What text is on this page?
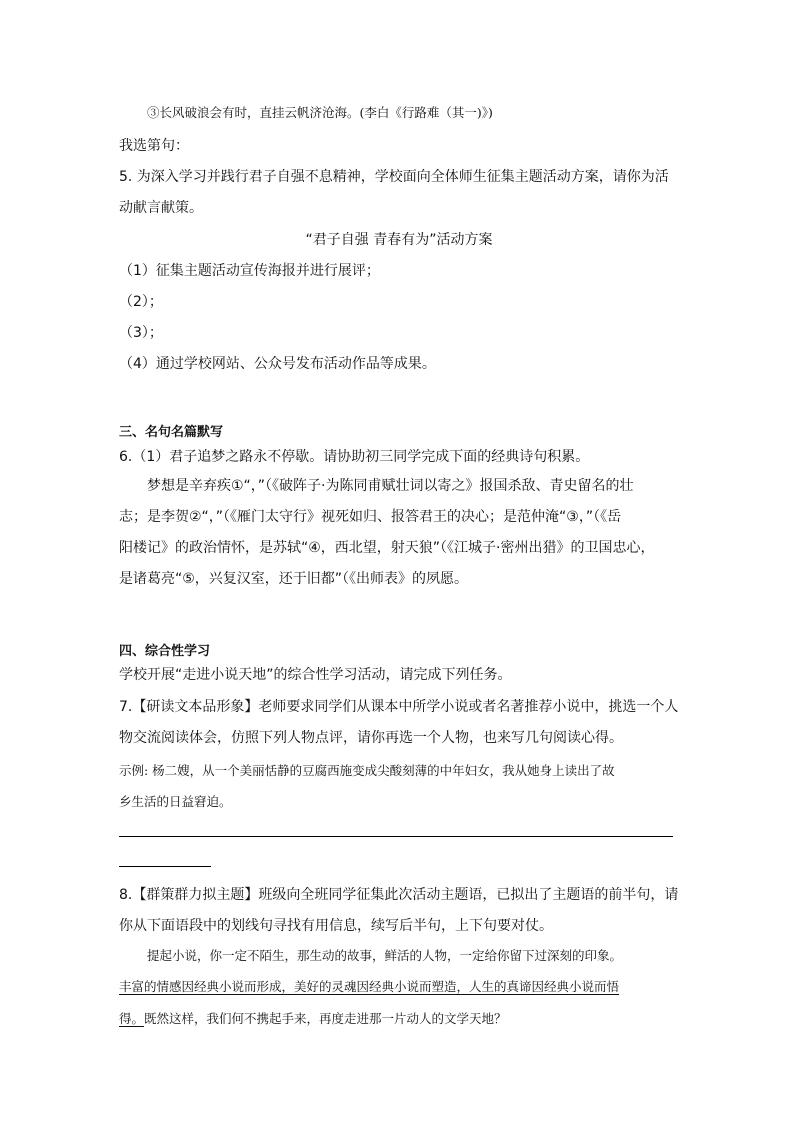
③长风破浪会有时，直挂云帆济沧海。(李白《行路难（其一)》)
我选第句：
5. 为深入学习并践行君子自强不息精神，学校面向全体师生征集主题活动方案，请你为活
动献言献策。
“君子自强 青春有为”活动方案
（1）征集主题活动宣传海报并进行展评；
（2）；
（3）；
（4）通过学校网站、公众号发布活动作品等成果。
三、名句名篇默写
6.（1）君子追梦之路永不停歇。请协助初三同学完成下面的经典诗句积累。
梦想是辛弃疾①“，”（《破阵子·为陈同甫赋壮词以寄之》报国杀敌、青史留名的壮
志；是李贺②“，”（《雁门太守行》视死如归、报答君王的决心；是范仲淹“③，”（《岳
阳楼记》的政治情怀，是苏轼“④，西北望，射天狼”（《江城子·密州出猎》的卫国忠心，
是诸葛亮“⑤，兴复汉室，还于旧都”（《出师表》的夙愿。
四、综合性学习
学校开展“走进小说天地”的综合性学习活动，请完成下列任务。
7.【研读文本品形象】老师要求同学们从课本中所学小说或者名著推荐小说中，挑选一个人
物交流阅读体会，仿照下列人物点评，请你再选一个人物，也来写几句阅读心得。
示例: 杨二嫂，从一个美丽恬静的豆腐西施变成尖酸刻薄的中年妇女，我从她身上读出了故
乡生活的日益窘迫。
8.【群策群力拟主题】班级向全班同学征集此次活动主题语，已拟出了主题语的前半句，请
你从下面语段中的划线句寻找有用信息，续写后半句，上下句要对仗。
提起小说，你一定不陌生，那生动的故事，鲜活的人物，一定给你留下过深刻的印象。
丰富的情感因经典小说而形成，美好的灵魂因经典小说而塑造，人生的真谛因经典小说而悟
得。既然这样，我们何不携起手来，再度走进那一片动人的文学天地？
